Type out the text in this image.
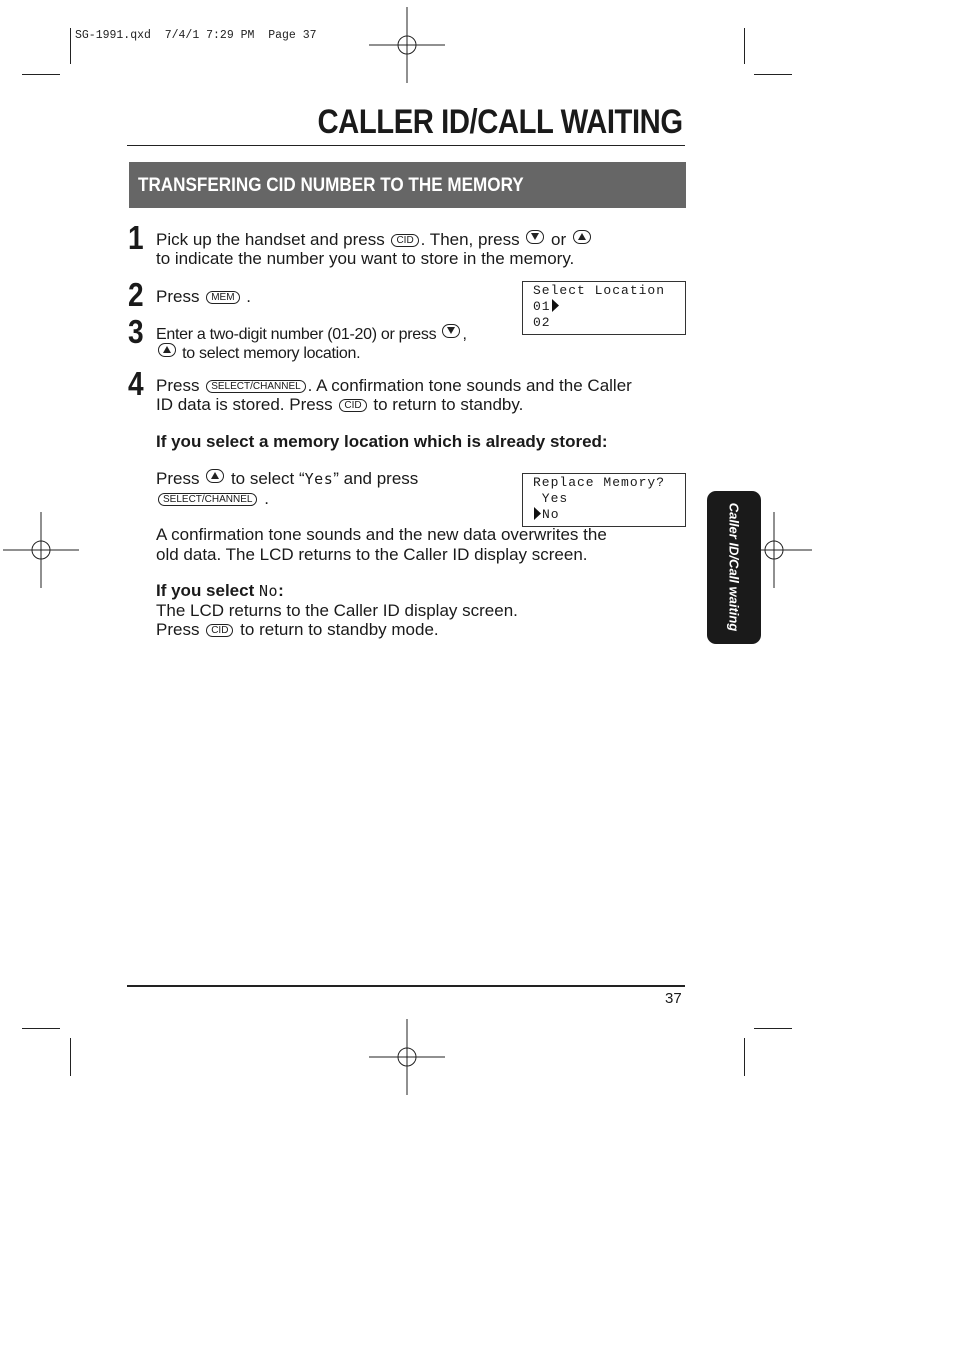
SG-1991.qxd  7/4/1 7:29 PM  Page 37
CALLER ID/CALL WAITING
TRANSFERING CID NUMBER TO THE MEMORY
1 Pick up the handset and press CID . Then, press or
to indicate the number you want to store in the memory.
2 Press MEM .	Select Location
01
02
3 Enter a two-digit number (01-20) or press ,
to select memory location.
4 Press SELECT/CHANNEL . A confirmation tone sounds and the Caller
ID data is stored. Press CID to return to standby.
If you select a memory location which is already stored:
Press to select “Yes” and press
SELECT/CHANNEL .
Replace Memory?
Yes
No
A confirmation tone sounds and the new data overwrites the
old data. The LCD returns to the Caller ID display screen.
If you select No:
The LCD returns to the Caller ID display screen.
Press CID to return to standby mode.	Caller ID/Call waiting
37
